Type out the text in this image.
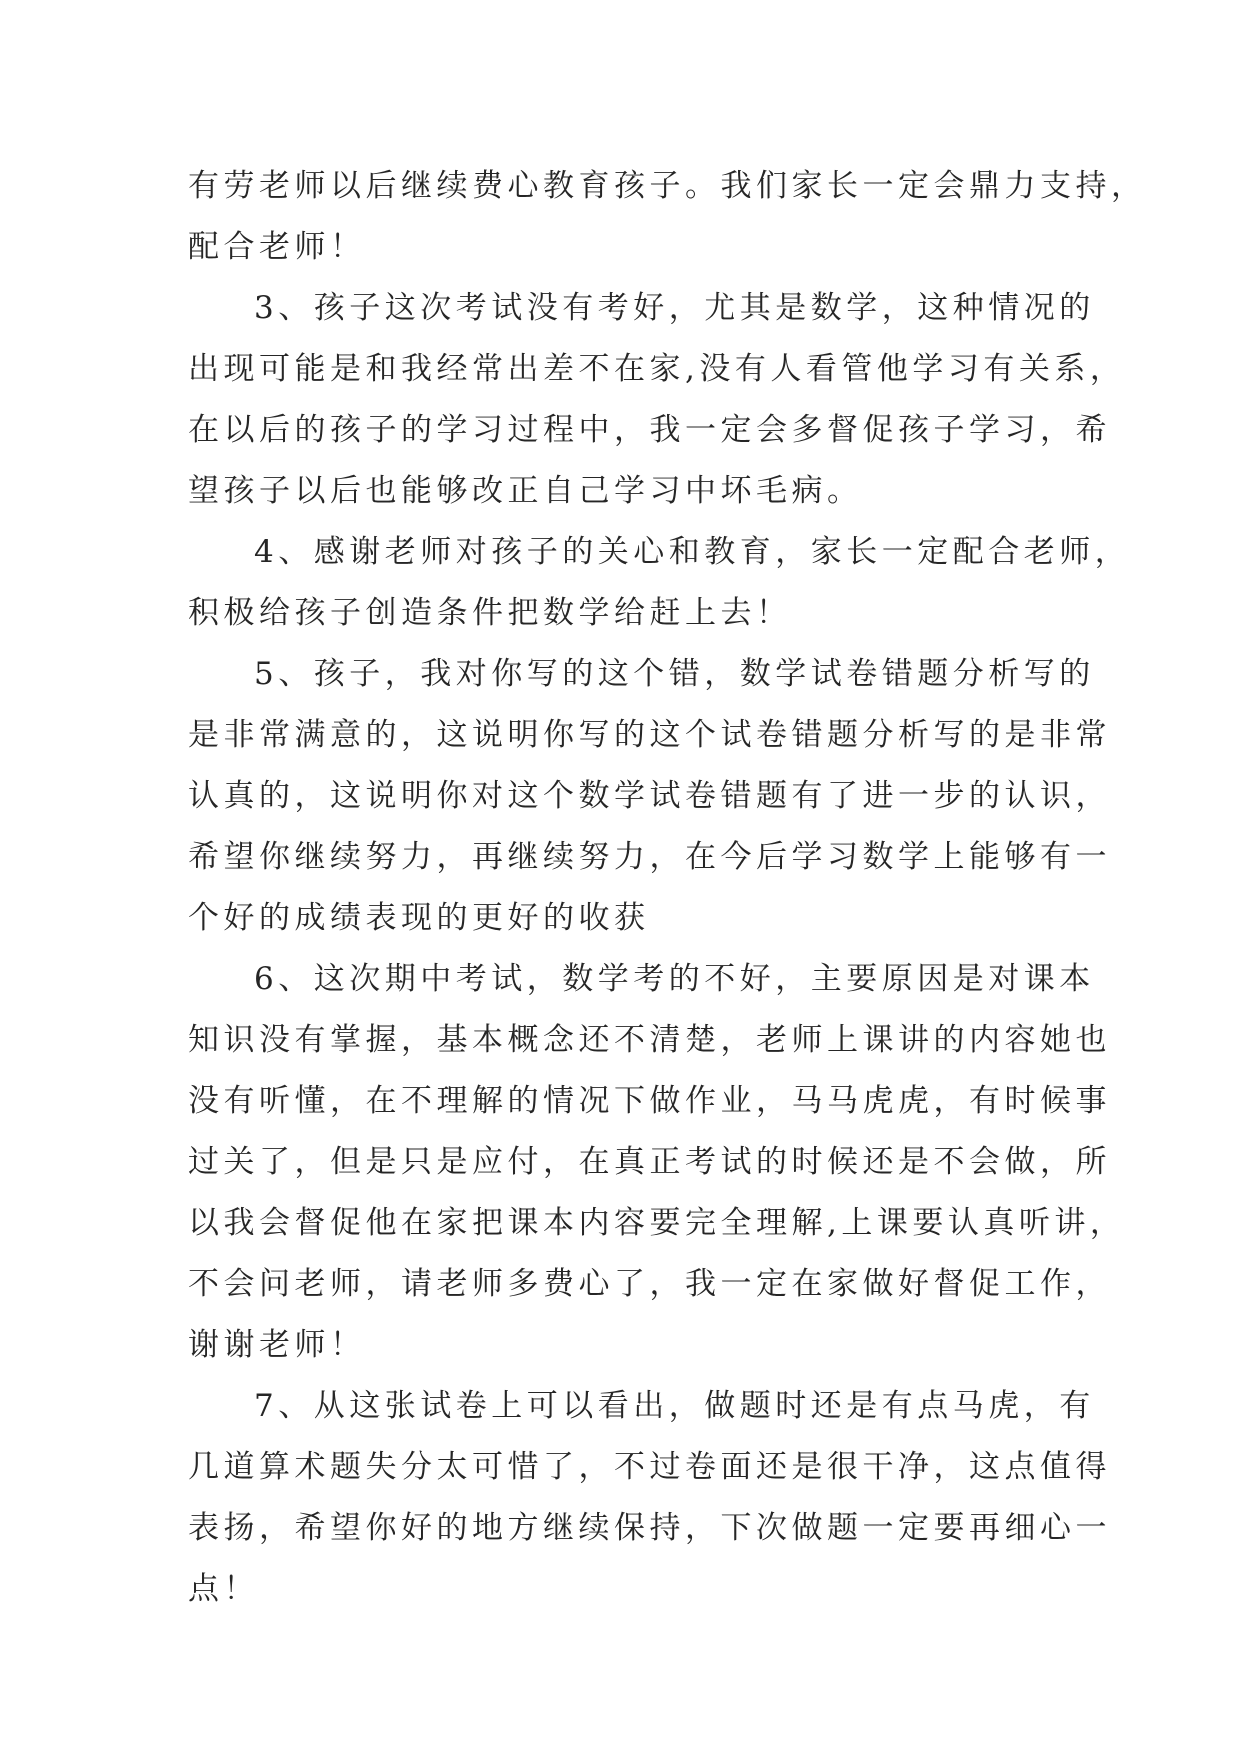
有劳老师以后继续费心教育孩子。我们家长一定会鼎力支持，
配合老师！
3、孩子这次考试没有考好，尤其是数学，这种情况的
出现可能是和我经常出差不在家,没有人看管他学习有关系，
在以后的孩子的学习过程中，我一定会多督促孩子学习，希
望孩子以后也能够改正自己学习中坏毛病。
4、感谢老师对孩子的关心和教育，家长一定配合老师，
积极给孩子创造条件把数学给赶上去！
5、孩子，我对你写的这个错，数学试卷错题分析写的
是非常满意的，这说明你写的这个试卷错题分析写的是非常
认真的，这说明你对这个数学试卷错题有了进一步的认识，
希望你继续努力，再继续努力，在今后学习数学上能够有一
个好的成绩表现的更好的收获
6、这次期中考试，数学考的不好，主要原因是对课本
知识没有掌握，基本概念还不清楚，老师上课讲的内容她也
没有听懂，在不理解的情况下做作业，马马虎虎，有时候事
过关了，但是只是应付，在真正考试的时候还是不会做，所
以我会督促他在家把课本内容要完全理解,上课要认真听讲，
不会问老师，请老师多费心了，我一定在家做好督促工作，
谢谢老师！
7、从这张试卷上可以看出，做题时还是有点马虎，有
几道算术题失分太可惜了，不过卷面还是很干净，这点值得
表扬，希望你好的地方继续保持，下次做题一定要再细心一
点！
